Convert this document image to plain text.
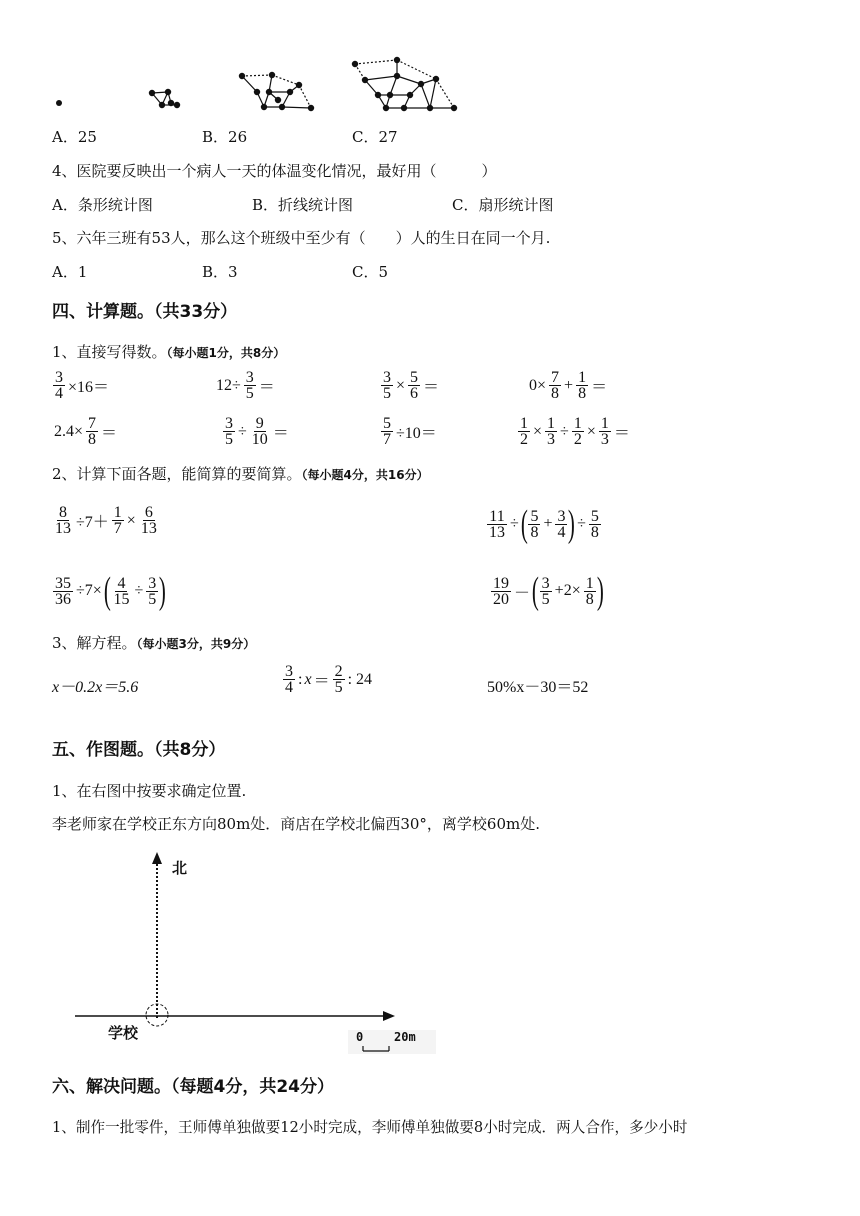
A．25	B．26	C．27
4、医院要反映出一个病人一天的体温变化情况，最好用（　　　）
A．条形统计图	B．折线统计图	C．扇形统计图
5、六年三班有53人，那么这个班级中至少有（　　）人的生日在同一个月.
A．1	B．3	C．5
四、计算题。（共33分）
1、直接写得数。（每小题1分，共8分）
$\frac{3}{4} \times 16=$	$12\div \frac{3}{5}$ ＝	$\frac{3}{5} \times \frac{5}{6}$ ＝	$0\times \frac{7}{8} + \frac{1}{8}$ ＝
$2.4\times \frac{7}{8}$ ＝	$\frac{3}{5} \div \frac{9}{10}$ ＝	$\frac{5}{7} \div 10=$	$\frac{1}{2} \times \frac{1}{3} \div \frac{1}{2} \times \frac{1}{3}$ ＝
2、计算下面各题，能简算的要简算。（每小题4分，共16分）
$\frac{8}{13} \div 7+ \frac{1}{7} \times \frac{6}{13}$	$\frac{11}{13}$ ÷ ( $\frac{5}{8} + \frac{3}{4}$ ) ÷ $\frac{5}{8}$
$\frac{35}{36} \div 7\times$ ( $\frac{4}{15} \div \frac{3}{5}$ )	$\frac{19}{20}$ － ( $\frac{3}{5} +2\times \frac{1}{8}$ )
3、解方程。（每小题3分，共9分）
x－0.2x＝5.6	$\frac{3}{4}$ : $x = \frac{2}{5}$ : 24	50%x－30＝52
五、作图题。（共8分）
1、在右图中按要求确定位置.
李老师家在学校正东方向80m处．商店在学校北偏西30°，离学校60m处.
北
学校	0	20m
六、解决问题。（每题4分，共24分）
1、制作一批零件，王师傅单独做要12小时完成，李师傅单独做要8小时完成．两人合作，多少小时
